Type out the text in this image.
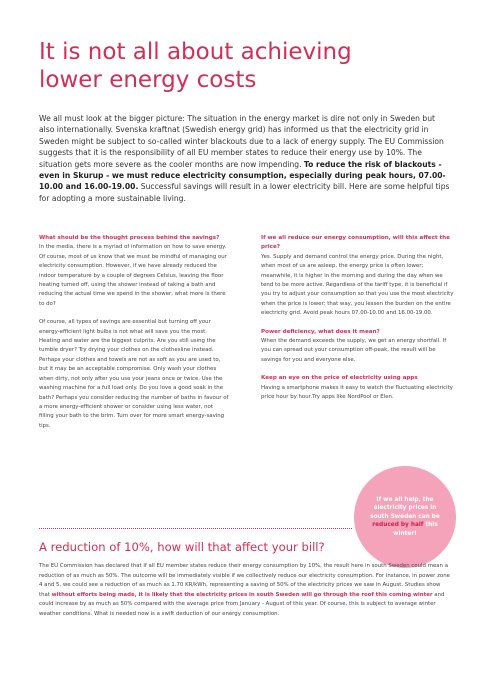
It is not all about achieving
lower energy costs
We all must look at the bigger picture: The situation in the energy market is dire not only in Sweden but also internationally. Svenska kraftnat (Swedish energy grid) has informed us that the electricity grid in Sweden might be subject to so-called winter blackouts due to a lack of energy supply. The EU Commission suggests that it is the responsibility of all EU member states to reduce their energy use by 10%. The situation gets more severe as the cooler months are now impending. To reduce the risk of blackouts - even in Skurup - we must reduce electricity consumption, especially during peak hours, 07.00-10.00 and 16.00-19.00. Successful savings will result in a lower electricity bill. Here are some helpful tips for adopting a more sustainable living.

What should be the thought process behind the savings?

In the media, there is a myriad of information on how to save energy. Of course, most of us know that we must be mindful of managing our electricity consumption. However, if we have already reduced the indoor temperature by a couple of degrees Celsius, leaving the floor heating turned off, using the shower instead of taking a bath and reducing the actual time we spend in the shower, what more is there to do?

Of course, all types of savings are essential but turning off your energy-efficient light bulbs is not what will save you the most. Heating and water are the biggest culprits. Are you still using the tumble dryer? Try drying your clothes on the clothesline instead. Perhaps your clothes and towels are not as soft as you are used to, but it may be an acceptable compromise. Only wash your clothes when dirty, not only after you use your jeans once or twice. Use the washing machine for a full load only. Do you love a good soak in the bath? Perhaps you consider reducing the number of baths in favour of a more energy-efficient shower or consider using less water, not filling your bath to the brim. Turn over for more smart energy-saving tips.

If we all reduce our energy consumption, will this affect the price?

Yes. Supply and demand control the energy price. During the night, when most of us are asleep, the energy price is often lower; meanwhile, it is higher in the morning and during the day when we tend to be more active. Regardless of the tariff type, it is beneficial if you try to adjust your consumption so that you use the most electricity when the price is lower; that way, you lessen the burden on the entire electricity grid. Avoid peak hours 07.00-10.00 and 16.00-19.00.

Power deficiency, what does it mean?

When the demand exceeds the supply, we get an energy shortfall. If you can spread out your consumption off-peak, the result will be savings for you and everyone else.

Keep an eye on the price of electricity using apps

Having a smartphone makes it easy to watch the fluctuating electricity price hour by hour.Try apps like NordPool or Elen.

If we all help, the electricity prices in south Sweden can be reduced by half this winter!
A reduction of 10%, how will that affect your bill?
The EU Commission has declared that if all EU member states reduce their energy consumption by 10%, the result here in south Sweden could mean a reduction of as much as 50%. The outcome will be immediately visible if we collectively reduce our electricity consumption. For instance, in power zone 4 and 5, we could see a reduction of as much as 1.70 KR/kWh, representing a saving of 50% of the electricity prices we saw in August. Studies show that without efforts being made, it is likely that the electricity prices in south Sweden will go through the roof this coming winter and could increase by as much as 50% compared with the average price from January - August of this year. Of course, this is subject to average winter weather conditions. What is needed now is a swift deduction of our energy consumption.
